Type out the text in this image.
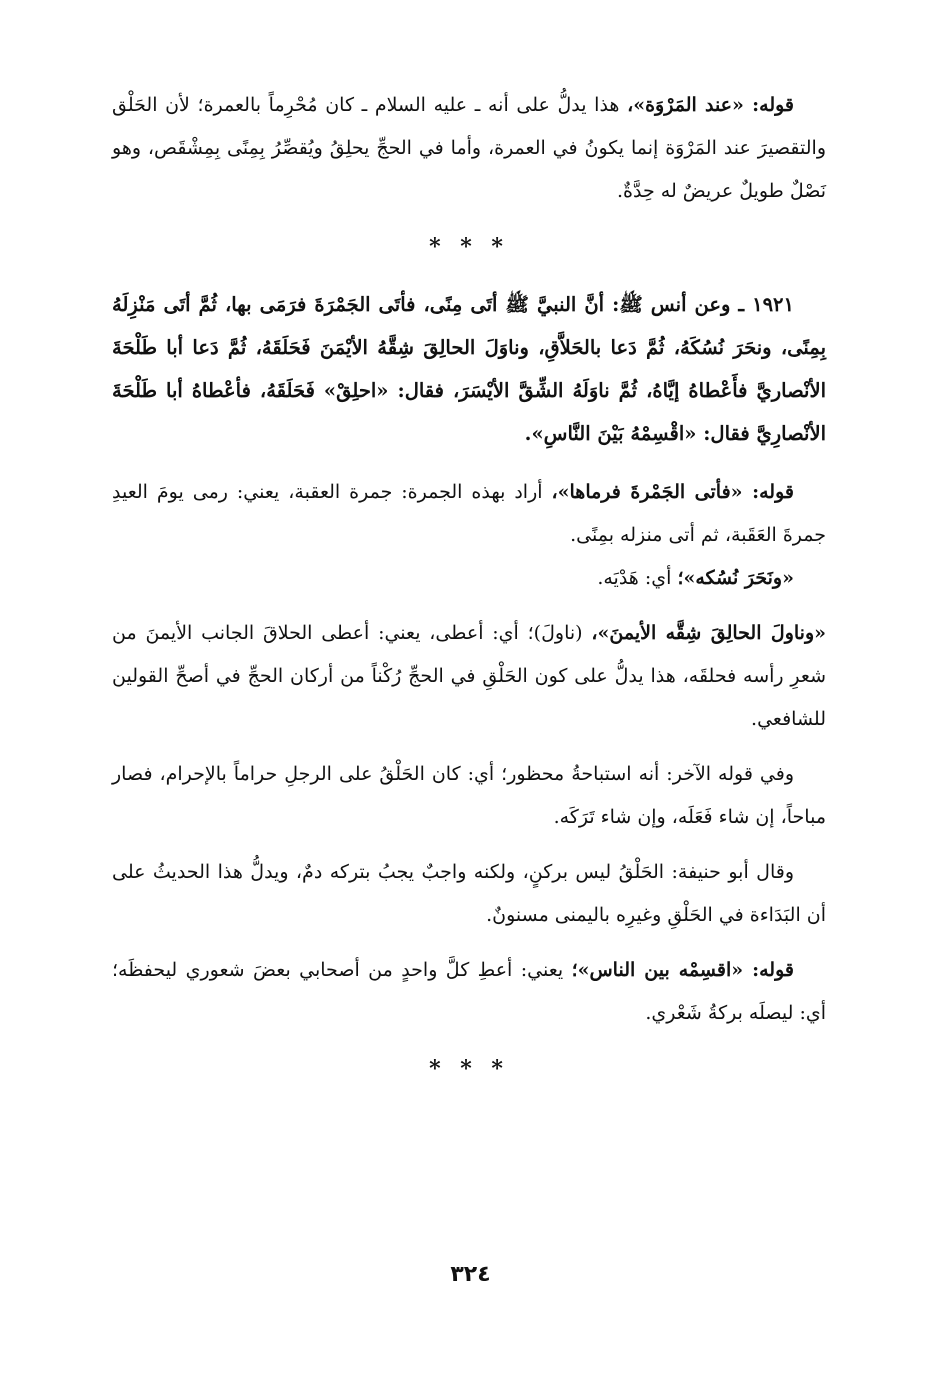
قوله: «عند المَرْوَة»، هذا يدلُّ على أنه ـ عليه السلام ـ كان مُحْرِماً بالعمرة؛ لأن الحَلْق والتقصيرَ عند المَرْوَة إنما يكونُ في العمرة، وأما في الحجِّ يحلِقُ ويُقصِّرُ بِمِنًى بِمِشْقَص، وهو نَصْلٌ طويلٌ عريضٌ له حِدَّةٌ.

* * *

١٩٢١ ـ وعن أنس ﷺ: أنَّ النبيَّ ﷺ أتَى مِنًى، فأتَى الجَمْرَةَ فرَمَى بها، ثُمَّ أتَى مَنْزِلَهُ بِمِنًى، ونحَرَ نُسُكَهُ، ثُمَّ دَعا بالحَلاَّقِ، وناوَلَ الحالِقَ شِقَّهُ الأيْمَنَ فَحَلَقَهُ، ثُمَّ دَعا أبا طَلْحَةَ الأنْصاريَّ فأَعْطاهُ إيَّاهُ، ثُمَّ ناوَلَهُ الشِّقَّ الأيْسَرَ، فقال: «احلِقْ» فَحَلَقَهُ، فأعْطاهُ أبا طَلْحَةَ الأنْصارِيَّ فقال: «اقْسِمْهُ بَيْنَ النَّاسِ».

قوله: «فأتى الجَمْرةَ فرماها»، أراد بهذه الجمرة: جمرة العقبة، يعني: رمى يومَ العيدِ جمرةَ العَقَبة، ثم أتى منزله بمِنًى.

«ونَحَرَ نُسُكه»؛ أي: هَدْيَه.

«وناولَ الحالِقَ شِقَّه الأيمنَ»، (ناولَ)؛ أي: أعطى، يعني: أعطى الحلاقَ الجانب الأيمنَ من شعرِ رأسه فحلقَه، هذا يدلُّ على كون الحَلْقِ في الحجِّ رُكْناً من أركان الحجِّ في أصحِّ القولين للشافعي.

وفي قوله الآخر: أنه استباحةُ محظور؛ أي: كان الحَلْقُ على الرجلِ حراماً بالإحرام، فصار مباحاً، إن شاء فَعَلَه، وإن شاء تَرَكَه.

وقال أبو حنيفة: الحَلْقُ ليس بركنٍ، ولكنه واجبٌ يجبُ بتركه دمٌ، ويدلُّ هذا الحديثُ على أن البَدَاءة في الحَلْقِ وغيرِه باليمنى مسنونٌ.

قوله: «اقسِمْه بين الناس»؛ يعني: أعطِ كلَّ واحدٍ من أصحابي بعضَ شعوري ليحفظَه؛ أي: ليصلَه بركةُ شَعْري.

* * *
٣٢٤
